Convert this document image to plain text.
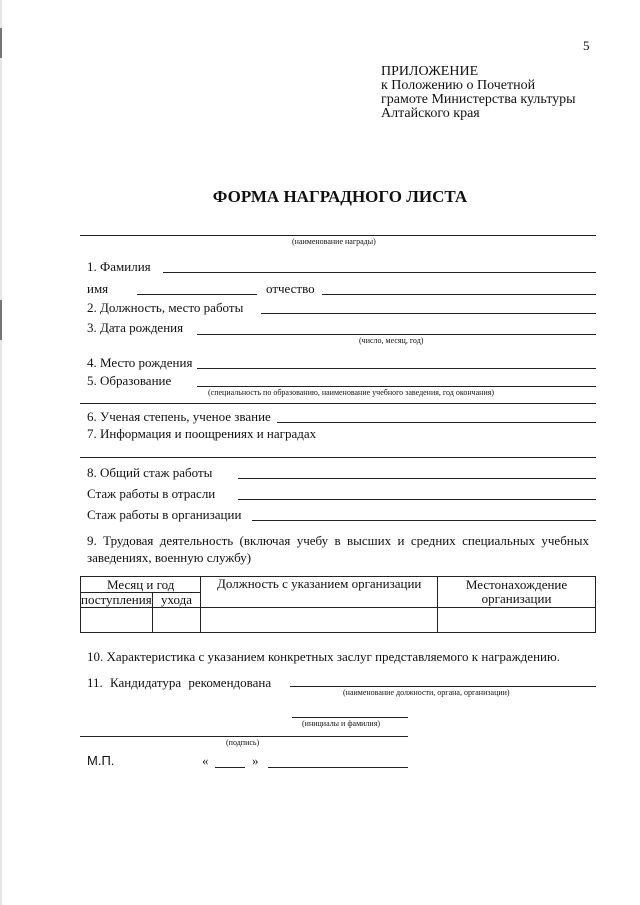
5
ПРИЛОЖЕНИЕ
к Положению о Почетной
грамоте Министерства культуры
Алтайского края
ФОРМА НАГРАДНОГО ЛИСТА
(наименование награды)
1. Фамилия
имя	отчество
2. Должность, место работы
3. Дата рождения
(число, месяц, год)
4. Место рождения
5. Образование
(специальность по образованию, наименование учебного заведения, год окончания)
6. Ученая степень, ученое звание
7. Информация и поощрениях и наградах
8. Общий стаж работы
Стаж работы в отрасли
Стаж работы в организации
9. Трудовая деятельность (включая учебу в высших и средних специальных учебных заведениях, военную службу)
Месяц и год		Должность с указанием организации	Местонахождение
организации

поступления	ухода		

10. Характеристика с указанием конкретных заслуг представляемого к награждению.
11. Кандидатура рекомендована
(наименование должности, органа, организации)
(инициалы и фамилия)
(подпись)
М.П.	«	»
